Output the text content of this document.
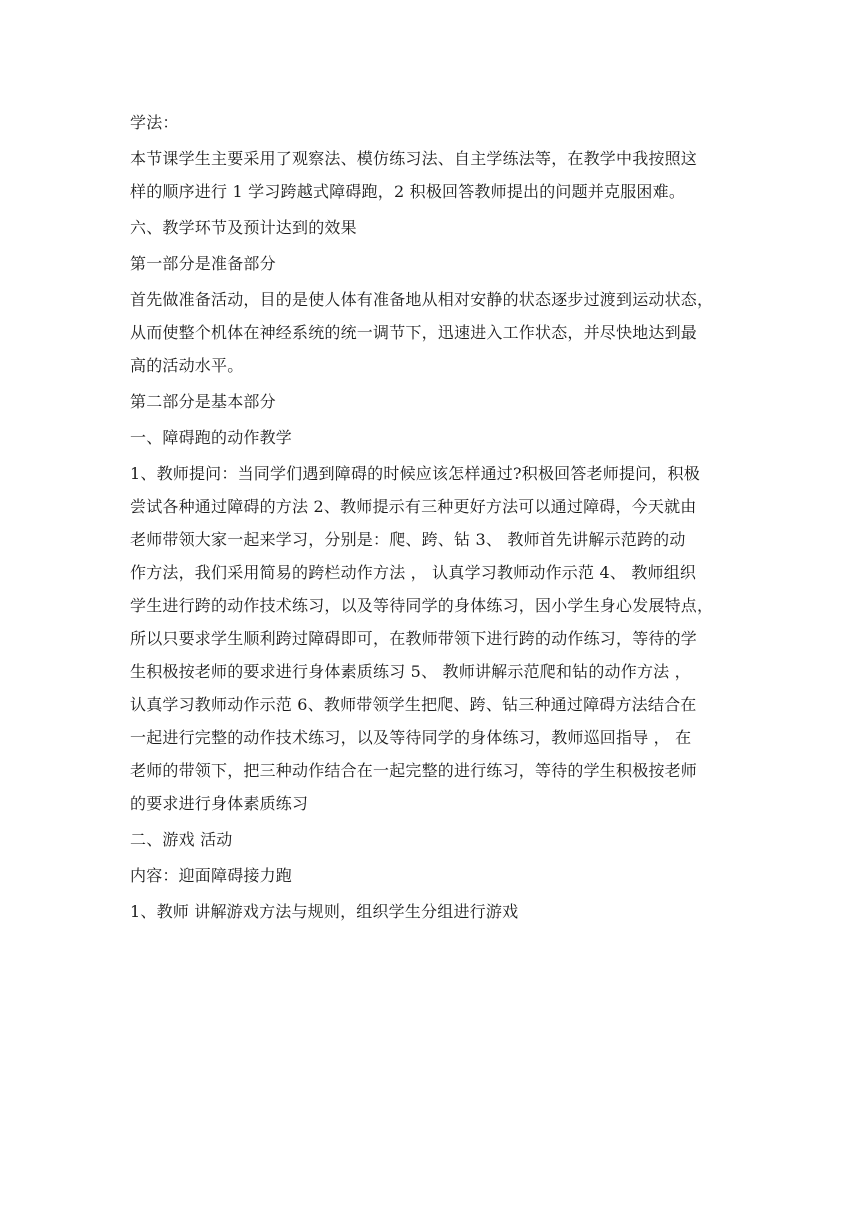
学法：
本节课学生主要采用了观察法、模仿练习法、自主学练法等，在教学中我按照这
样的顺序进行 1 学习跨越式障碍跑，2 积极回答教师提出的问题并克服困难。
六、教学环节及预计达到的效果
第一部分是准备部分
首先做准备活动，目的是使人体有准备地从相对安静的状态逐步过渡到运动状态，
从而使整个机体在神经系统的统一调节下，迅速进入工作状态，并尽快地达到最
高的活动水平。
第二部分是基本部分
一、障碍跑的动作教学
1、教师提问：当同学们遇到障碍的时候应该怎样通过?积极回答老师提问，积极
尝试各种通过障碍的方法 2、教师提示有三种更好方法可以通过障碍，今天就由
老师带领大家一起来学习，分别是：爬、跨、钻 3、 教师首先讲解示范跨的动
作方法，我们采用简易的跨栏动作方法 ， 认真学习教师动作示范 4、 教师组织
学生进行跨的动作技术练习，以及等待同学的身体练习，因小学生身心发展特点，
所以只要求学生顺利跨过障碍即可，在教师带领下进行跨的动作练习，等待的学
生积极按老师的要求进行身体素质练习 5、 教师讲解示范爬和钻的动作方法 ，
认真学习教师动作示范 6、教师带领学生把爬、跨、钻三种通过障碍方法结合在
一起进行完整的动作技术练习，以及等待同学的身体练习，教师巡回指导 ， 在
老师的带领下，把三种动作结合在一起完整的进行练习，等待的学生积极按老师
的要求进行身体素质练习
二、游戏 活动
内容：迎面障碍接力跑
1、教师 讲解游戏方法与规则，组织学生分组进行游戏
